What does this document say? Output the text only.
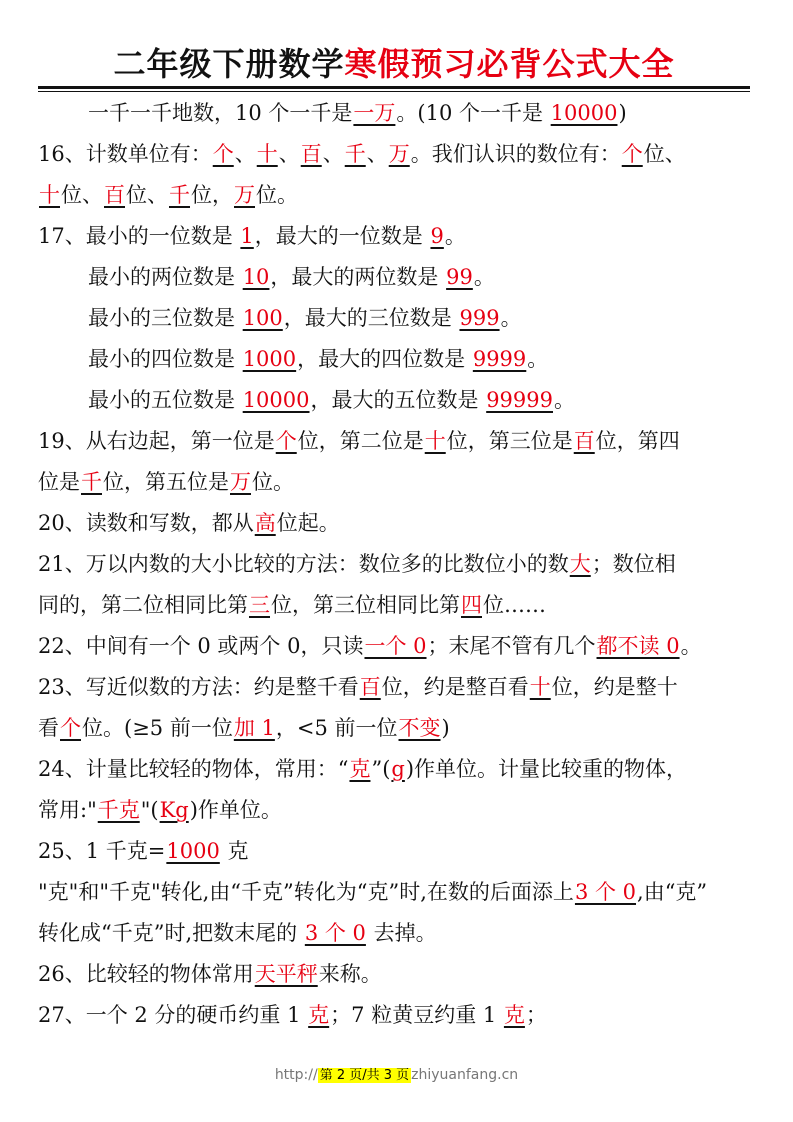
二年级下册数学寒假预习必背公式大全
一千一千地数，10 个一千是一万。(10 个一千是 10000)
16、计数单位有：个、十、百、千、万。我们认识的数位有：个位、
十位、百位、千位，万位。
17、最小的一位数是 1，最大的一位数是 9。
最小的两位数是 10，最大的两位数是 99。
最小的三位数是 100，最大的三位数是 999。
最小的四位数是 1000，最大的四位数是 9999。
最小的五位数是 10000，最大的五位数是 99999。
19、从右边起，第一位是个位，第二位是十位，第三位是百位，第四
位是千位，第五位是万位。
20、读数和写数，都从高位起。
21、万以内数的大小比较的方法：数位多的比数位小的数大；数位相
同的，第二位相同比第三位，第三位相同比第四位……
22、中间有一个 0 或两个 0，只读一个 0；末尾不管有几个都不读 0。
23、写近似数的方法：约是整千看百位，约是整百看十位，约是整十
看个位。(≥5 前一位加 1，<5 前一位不变)
24、计量比较轻的物体，常用：“克”(g)作单位。计量比较重的物体，
常用:"千克"(Kg)作单位。
25、1 千克=1000 克
"克"和"千克"转化,由“千克”转化为“克”时,在数的后面添上3 个 0,由“克”
转化成“千克”时,把数末尾的 3 个 0 去掉。
26、比较轻的物体常用天平秤来称。
27、一个 2 分的硬币约重 1 克；7 粒黄豆约重 1 克；
http:// 第 2 页/共 3 页 zhiyuanfang.cn
